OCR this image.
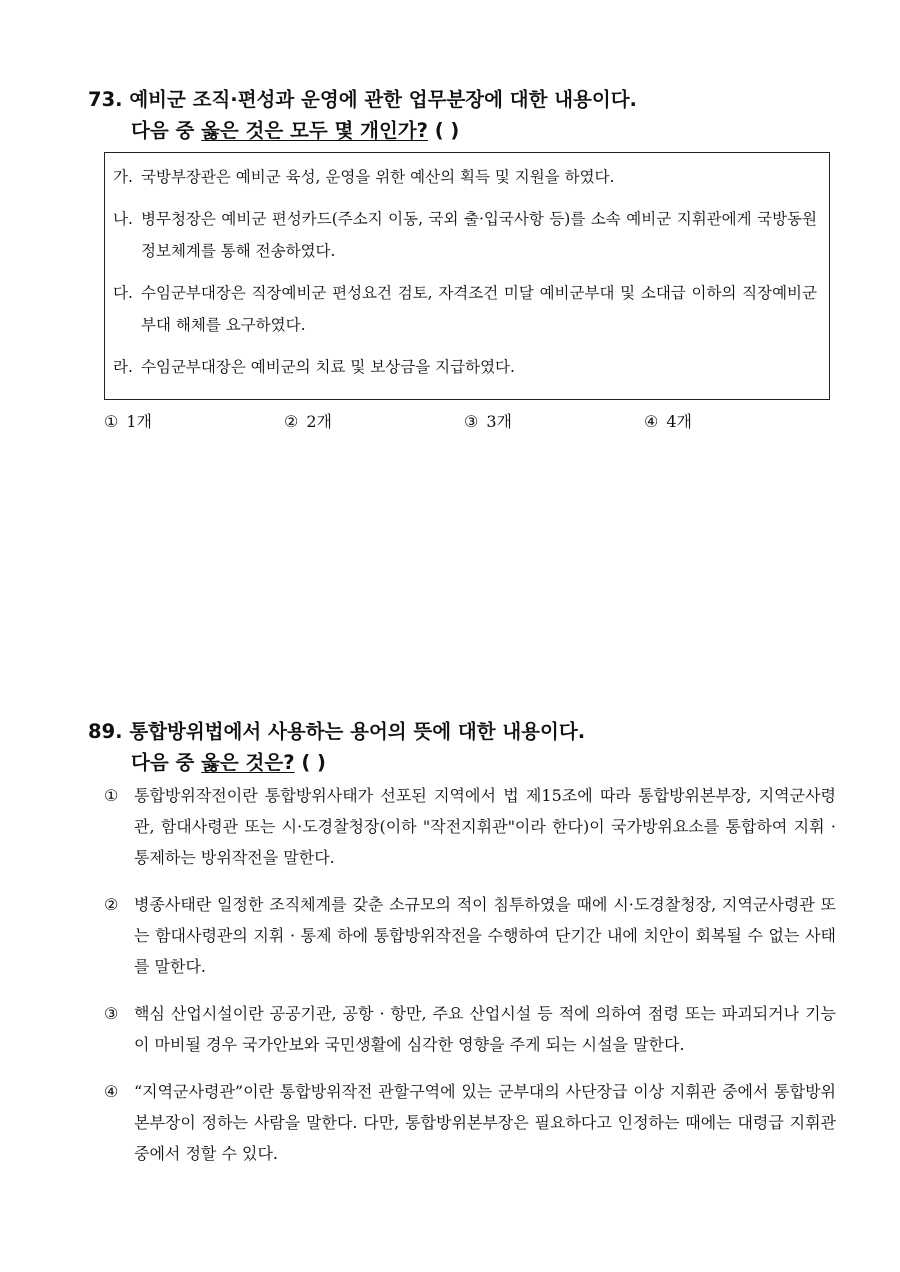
73. 예비군 조직·편성과 운영에 관한 업무분장에 대한 내용이다.

다음 중 옳은 것은 모두 몇 개인가? ( )

가. 국방부장관은 예비군 육성, 운영을 위한 예산의 획득 및 지원을 하였다.
나. 병무청장은 예비군 편성카드(주소지 이동, 국외 출·입국사항 등)를 소속 예비군 지휘관에게 국방동원정보체계를 통해 전송하였다.
다. 수임군부대장은 직장예비군 편성요건 검토, 자격조건 미달 예비군부대 및 소대급 이하의 직장예비군부대 해체를 요구하였다.
라. 수임군부대장은 예비군의 치료 및 보상금을 지급하였다.
① 1개	② 2개	③ 3개	④ 4개

89. 통합방위법에서 사용하는 용어의 뜻에 대한 내용이다.

다음 중 옳은 것은? ( )

① 통합방위작전이란 통합방위사태가 선포된 지역에서 법 제15조에 따라 통합방위본부장, 지역군사령관, 함대사령관 또는 시·도경찰청장(이하 "작전지휘관"이라 한다)이 국가방위요소를 통합하여 지휘 · 통제하는 방위작전을 말한다.
② 병종사태란 일정한 조직체계를 갖춘 소규모의 적이 침투하였을 때에 시·도경찰청장, 지역군사령관 또는 함대사령관의 지휘 · 통제 하에 통합방위작전을 수행하여 단기간 내에 치안이 회복될 수 없는 사태를 말한다.
③ 핵심 산업시설이란 공공기관, 공항 · 항만, 주요 산업시설 등 적에 의하여 점령 또는 파괴되거나 기능이 마비될 경우 국가안보와 국민생활에 심각한 영향을 주게 되는 시설을 말한다.
④ “지역군사령관”이란 통합방위작전 관할구역에 있는 군부대의 사단장급 이상 지휘관 중에서 통합방위본부장이 정하는 사람을 말한다. 다만, 통합방위본부장은 필요하다고 인정하는 때에는 대령급 지휘관 중에서 정할 수 있다.
